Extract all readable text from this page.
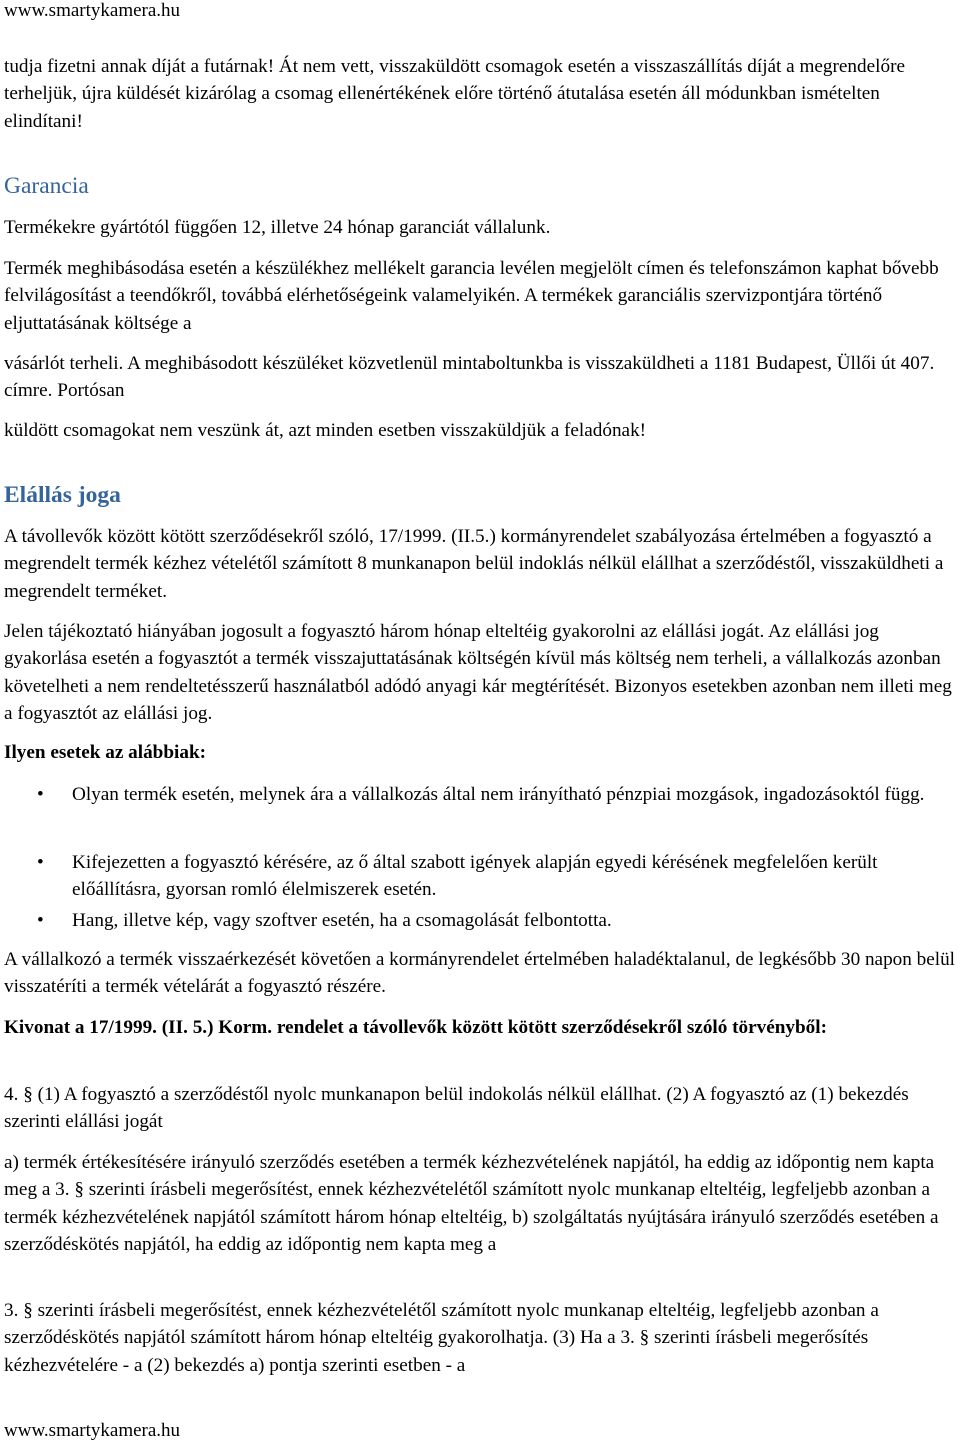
www.smartykamera.hu

tudja fizetni annak díját a futárnak! Át nem vett, visszaküldött csomagok esetén a visszaszállítás díját a megrendelőre terheljük, újra küldését kizárólag a csomag ellenértékének előre történő átutalása esetén áll módunkban ismételten elindítani!

Garancia

Termékekre gyártótól függően 12, illetve 24 hónap garanciát vállalunk.

Termék meghibásodása esetén a készülékhez mellékelt garancia levélen megjelölt címen és telefonszámon kaphat bővebb felvilágosítást a teendőkről, továbbá elérhetőségeink valamelyikén. A termékek garanciális szervizpontjára történő eljuttatásának költsége a

vásárlót terheli. A meghibásodott készüléket közvetlenül mintaboltunkba is visszaküldheti a 1181 Budapest, Üllői út 407. címre. Portósan

küldött csomagokat nem veszünk át, azt minden esetben visszaküldjük a feladónak!

Elállás joga

A távollevők között kötött szerződésekről szóló, 17/1999. (II.5.) kormányrendelet szabályozása értelmében a fogyasztó a megrendelt termék kézhez vételétől számított 8 munkanapon belül indoklás nélkül elállhat a szerződéstől, visszaküldheti a megrendelt terméket.

Jelen tájékoztató hiányában jogosult a fogyasztó három hónap elteltéig gyakorolni az elállási jogát. Az elállási jog gyakorlása esetén a fogyasztót a termék visszajuttatásának költségén kívül más költség nem terheli, a vállalkozás azonban követelheti a nem rendeltetésszerű használatból adódó anyagi kár megtérítését. Bizonyos esetekben azonban nem illeti meg a fogyasztót az elállási jog.

Ilyen esetek az alábbiak:

• Olyan termék esetén, melynek ára a vállalkozás által nem irányítható pénzpiai mozgások, ingadozásoktól függ.
• Kifejezetten a fogyasztó kérésére, az ő által szabott igények alapján egyedi kérésének megfelelően került előállításra, gyorsan romló élelmiszerek esetén.
• Hang, illetve kép, vagy szoftver esetén, ha a csomagolását felbontotta.

A vállalkozó a termék visszaérkezését követően a kormányrendelet értelmében haladéktalanul, de legkésőbb 30 napon belül visszatéríti a termék vételárát a fogyasztó részére.

Kivonat a 17/1999. (II. 5.) Korm. rendelet a távollevők között kötött szerződésekről szóló törvényből:

4. § (1) A fogyasztó a szerződéstől nyolc munkanapon belül indokolás nélkül elállhat. (2) A fogyasztó az (1) bekezdés szerinti elállási jogát

a) termék értékesítésére irányuló szerződés esetében a termék kézhezvételének napjától, ha eddig az időpontig nem kapta meg a 3. § szerinti írásbeli megerősítést, ennek kézhezvételétől számított nyolc munkanap elteltéig, legfeljebb azonban a termék kézhezvételének napjától számított három hónap elteltéig, b) szolgáltatás nyújtására irányuló szerződés esetében a szerződéskötés napjától, ha eddig az időpontig nem kapta meg a

3. § szerinti írásbeli megerősítést, ennek kézhezvételétől számított nyolc munkanap elteltéig, legfeljebb azonban a szerződéskötés napjától számított három hónap elteltéig gyakorolhatja. (3) Ha a 3. § szerinti írásbeli megerősítés kézhezvételére - a (2) bekezdés a) pontja szerinti esetben - a

www.smartykamera.hu
